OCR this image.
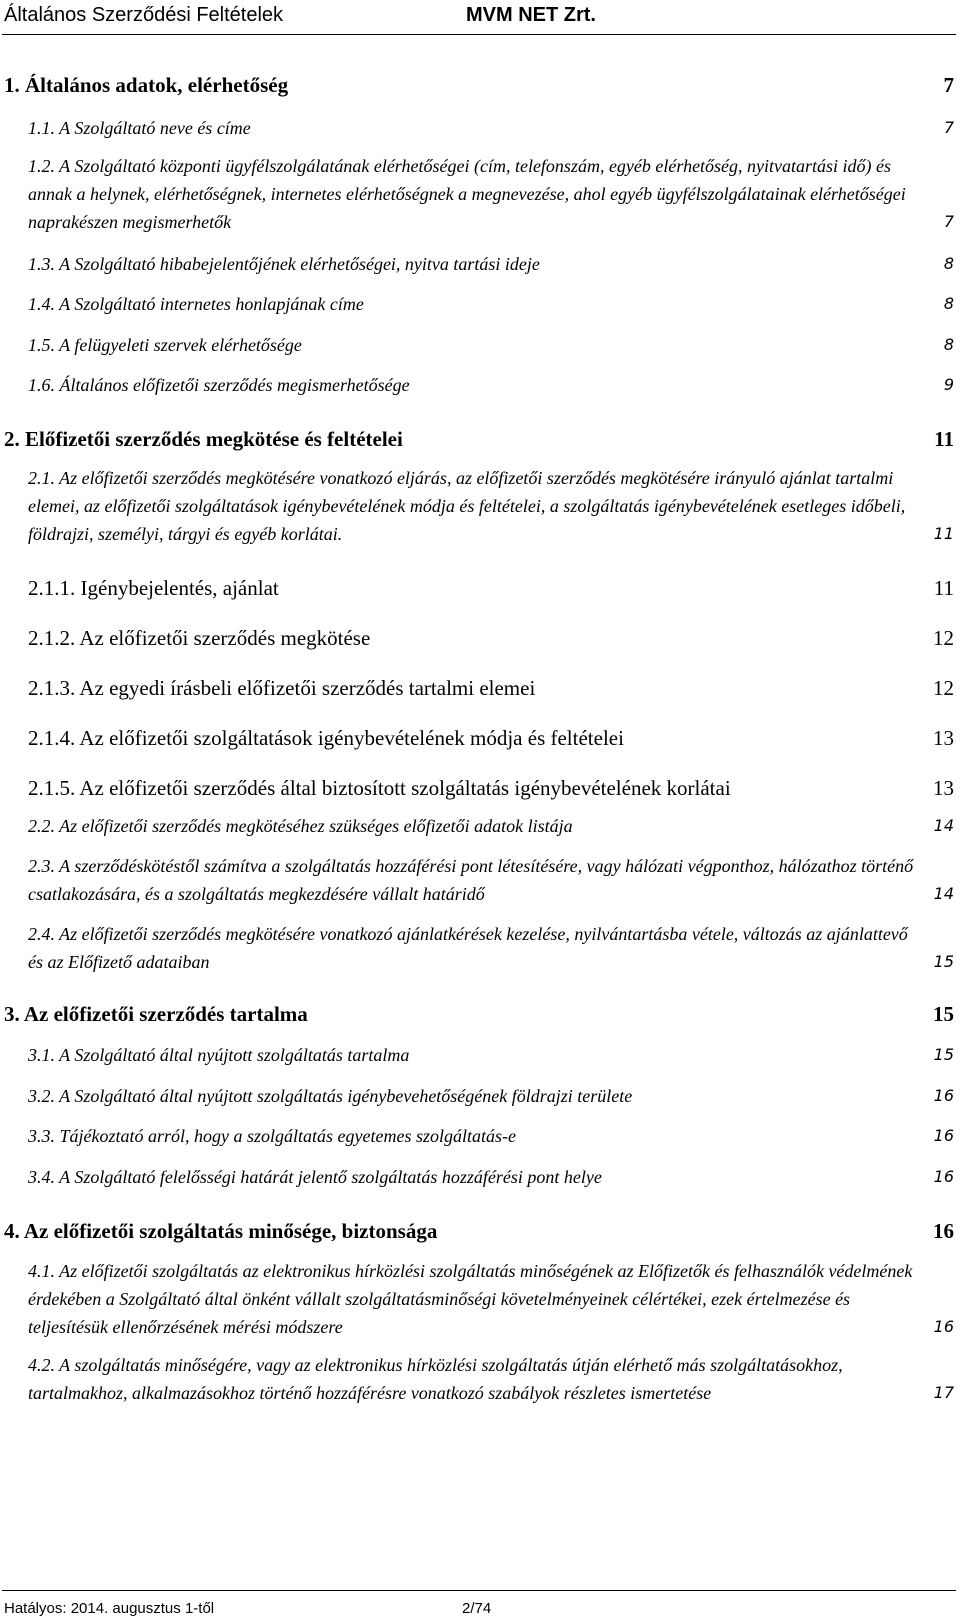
Általános Szerződési Feltételek	MVM NET Zrt.
1. Általános adatok, elérhetőség	7
1.1. A Szolgáltató neve és címe	7
1.2. A Szolgáltató központi ügyfélszolgálatának elérhetőségei (cím, telefonszám, egyéb elérhetőség, nyitvatartási idő) és annak a helynek, elérhetőségnek, internetes elérhetőségnek a megnevezése, ahol egyéb ügyfélszolgálatainak elérhetőségei naprakészen megismerhetők	7
1.3. A Szolgáltató hibabejelentőjének elérhetőségei, nyitva tartási ideje	8
1.4. A Szolgáltató internetes honlapjának címe	8
1.5. A felügyeleti szervek elérhetősége	8
1.6. Általános előfizetői szerződés megismerhetősége	9
2. Előfizetői szerződés megkötése és feltételei	11
2.1. Az előfizetői szerződés megkötésére vonatkozó eljárás, az előfizetői szerződés megkötésére irányuló ajánlat tartalmi elemei, az előfizetői szolgáltatások igénybevételének módja és feltételei, a szolgáltatás igénybevételének esetleges időbeli, földrajzi, személyi, tárgyi és egyéb korlátai.	11
2.1.1. Igénybejelentés, ajánlat	11
2.1.2. Az előfizetői szerződés megkötése	12
2.1.3. Az egyedi írásbeli előfizetői szerződés tartalmi elemei	12
2.1.4. Az előfizetői szolgáltatások igénybevételének módja és feltételei	13
2.1.5. Az előfizetői szerződés által biztosított szolgáltatás igénybevételének korlátai	13
2.2. Az előfizetői szerződés megkötéséhez szükséges előfizetői adatok listája	14
2.3. A szerződéskötéstől számítva a szolgáltatás hozzáférési pont létesítésére, vagy hálózati végponthoz, hálózathoz történő csatlakozására, és a szolgáltatás megkezdésére vállalt határidő	14
2.4. Az előfizetői szerződés megkötésére vonatkozó ajánlatkérések kezelése, nyilvántartásba vétele, változás az ajánlattevő és az Előfizető adataiban	15
3. Az előfizetői szerződés tartalma	15
3.1. A Szolgáltató által nyújtott szolgáltatás tartalma	15
3.2. A Szolgáltató által nyújtott szolgáltatás igénybevehetőségének földrajzi területe	16
3.3. Tájékoztató arról, hogy a szolgáltatás egyetemes szolgáltatás-e	16
3.4. A Szolgáltató felelősségi határát jelentő szolgáltatás hozzáférési pont helye	16
4. Az előfizetői szolgáltatás minősége, biztonsága	16
4.1. Az előfizetői szolgáltatás az elektronikus hírközlési szolgáltatás minőségének az Előfizetők és felhasználók védelmének érdekében a Szolgáltató által önként vállalt szolgáltatásminőségi követelményeinek célértékei, ezek értelmezése és teljesítésük ellenőrzésének mérési módszere	16
4.2. A szolgáltatás minőségére, vagy az elektronikus hírközlési szolgáltatás útján elérhető más szolgáltatásokhoz, tartalmakhoz, alkalmazásokhoz történő hozzáférésre vonatkozó szabályok részletes ismertetése	17
Hatályos: 2014. augusztus 1-től	2/74
